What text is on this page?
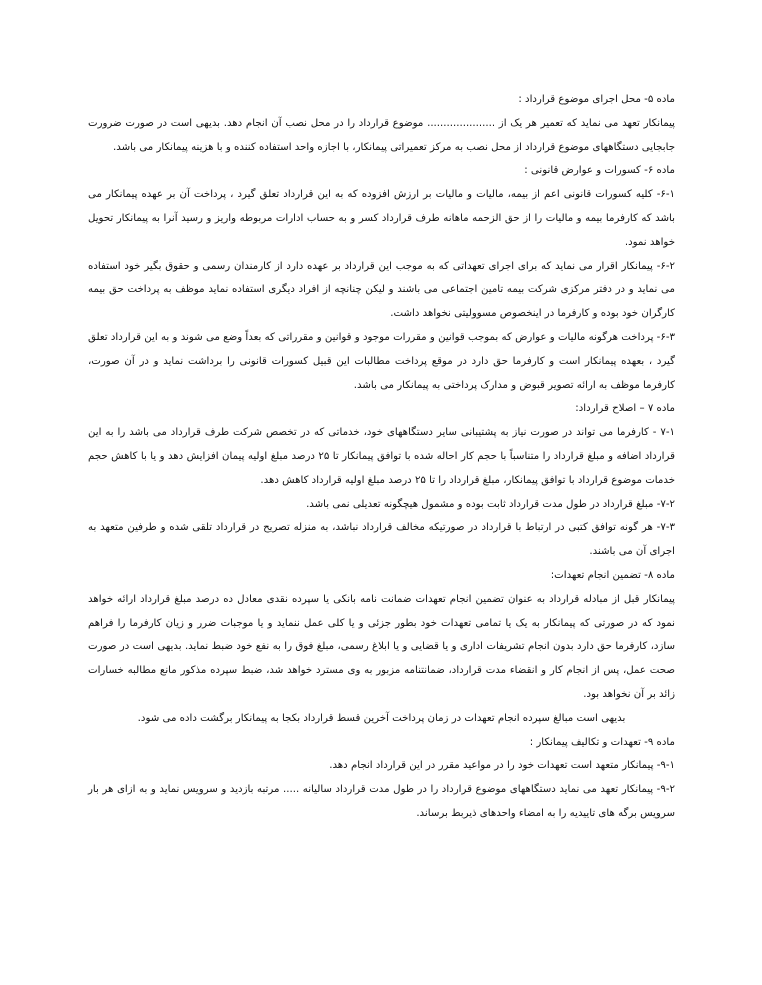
ماده ۵- محل اجرای موضوع قرارداد :

پیمانکار تعهد می نماید که تعمیر هر یک از ..................... موضوع قرارداد را در محل نصب آن انجام دهد. بدیهی است در صورت ضرورت جابجایی دستگاههای موضوع قرارداد از محل نصب به مرکز تعمیراتی پیمانکار، با اجازه واحد استفاده کننده و با هزینه پیمانکار می باشد.

ماده ۶- کسورات و عوارض قانونی :

۶-۱- کلیه کسورات قانونی اعم از بیمه، مالیات و مالیات بر ارزش افزوده که به این قرارداد تعلق گیرد ، پرداخت آن بر عهده پیمانکار می باشد که کارفرما بیمه و مالیات را از حق الزحمه ماهانه طرف قرارداد کسر و به حساب ادارات مربوطه واریز و رسید آنرا به پیمانکار تحویل خواهد نمود.

۶-۲- پیمانکار اقرار می نماید که برای اجرای تعهداتی که به موجب این قرارداد بر عهده دارد از کارمندان رسمی و حقوق بگیر خود استفاده می نماید و در دفتر مرکزی شرکت بیمه تامین اجتماعی می باشند و لیکن چنانچه از افراد دیگری استفاده نماید موظف به پرداخت حق بیمه کارگران خود بوده و کارفرما در اینخصوص مسوولیتی نخواهد داشت.

۶-۳- پرداخت هرگونه مالیات و عوارض که بموجب قوانین و مقررات موجود و قوانین و مقرراتی که بعداً وضع می شوند و به این قرارداد تعلق گیرد ، بعهده پیمانکار است و کارفرما حق دارد در موقع پرداخت مطالبات این قبیل کسورات قانونی را برداشت نماید و در آن صورت، کارفرما موظف به ارائه تصویر قبوض و مدارک پرداختی به پیمانکار می باشد.

ماده ۷ – اصلاح قرارداد:

۷-۱ - کارفرما می تواند در صورت نیاز به پشتیبانی سایر دستگاههای خود، خدماتی که در تخصص شرکت طرف قرارداد می باشد را به این قرارداد اضافه و مبلغ قرارداد را متناسباً با حجم کار احاله شده با توافق پیمانکار تا ۲۵ درصد مبلغ اولیه پیمان افزایش دهد و یا با کاهش حجم خدمات موضوع قرارداد با توافق پیمانکار، مبلغ قرارداد را تا ۲۵ درصد مبلغ اولیه قرارداد کاهش دهد.

۷-۲- مبلغ قرارداد در طول مدت قرارداد ثابت بوده و مشمول هیچگونه تعدیلی نمی باشد.

۷-۳- هر گونه توافق کتبی در ارتباط با قرارداد در صورتیکه مخالف قرارداد نباشد، به منزله تصریح در قرارداد تلقی شده و طرفین متعهد به اجرای آن می باشند.

ماده ۸- تضمین انجام تعهدات:

پیمانکار قبل از مبادله قرارداد به عنوان تضمین انجام تعهدات ضمانت نامه بانکی یا سپرده نقدی معادل ده درصد مبلغ قرارداد ارائه خواهد نمود که در صورتی که پیمانکار به یک یا تمامی تعهدات خود بطور جزئی و یا کلی عمل ننماید و یا موجبات ضرر و زیان کارفرما را فراهم سازد، کارفرما حق دارد بدون انجام تشریفات اداری و یا قضایی و یا ابلاغ رسمی، مبلغ فوق را به نفع خود ضبط نماید. بدیهی است در صورت صحت عمل، پس از انجام کار و انقضاء مدت قرارداد، ضمانتنامه مزبور به وی مسترد خواهد شد، ضبط سپرده مذکور مانع مطالبه خسارات زائد بر آن نخواهد بود.

بدیهی است مبالغ سپرده انجام تعهدات در زمان پرداخت آخرین قسط قرارداد بکجا به پیمانکار برگشت داده می شود.

ماده ۹- تعهدات و تکالیف پیمانکار :

۹-۱- پیمانکار متعهد است تعهدات خود را در مواعید مقرر در این قرارداد انجام دهد.

۹-۲- پیمانکار تعهد می نماید دستگاههای موضوع قرارداد را در طول مدت قرارداد سالیانه ..... مرتبه بازدید و سرویس نماید و به ازای هر بار سرویس برگه های تاییدیه را به امضاء واحدهای ذیربط برساند.
